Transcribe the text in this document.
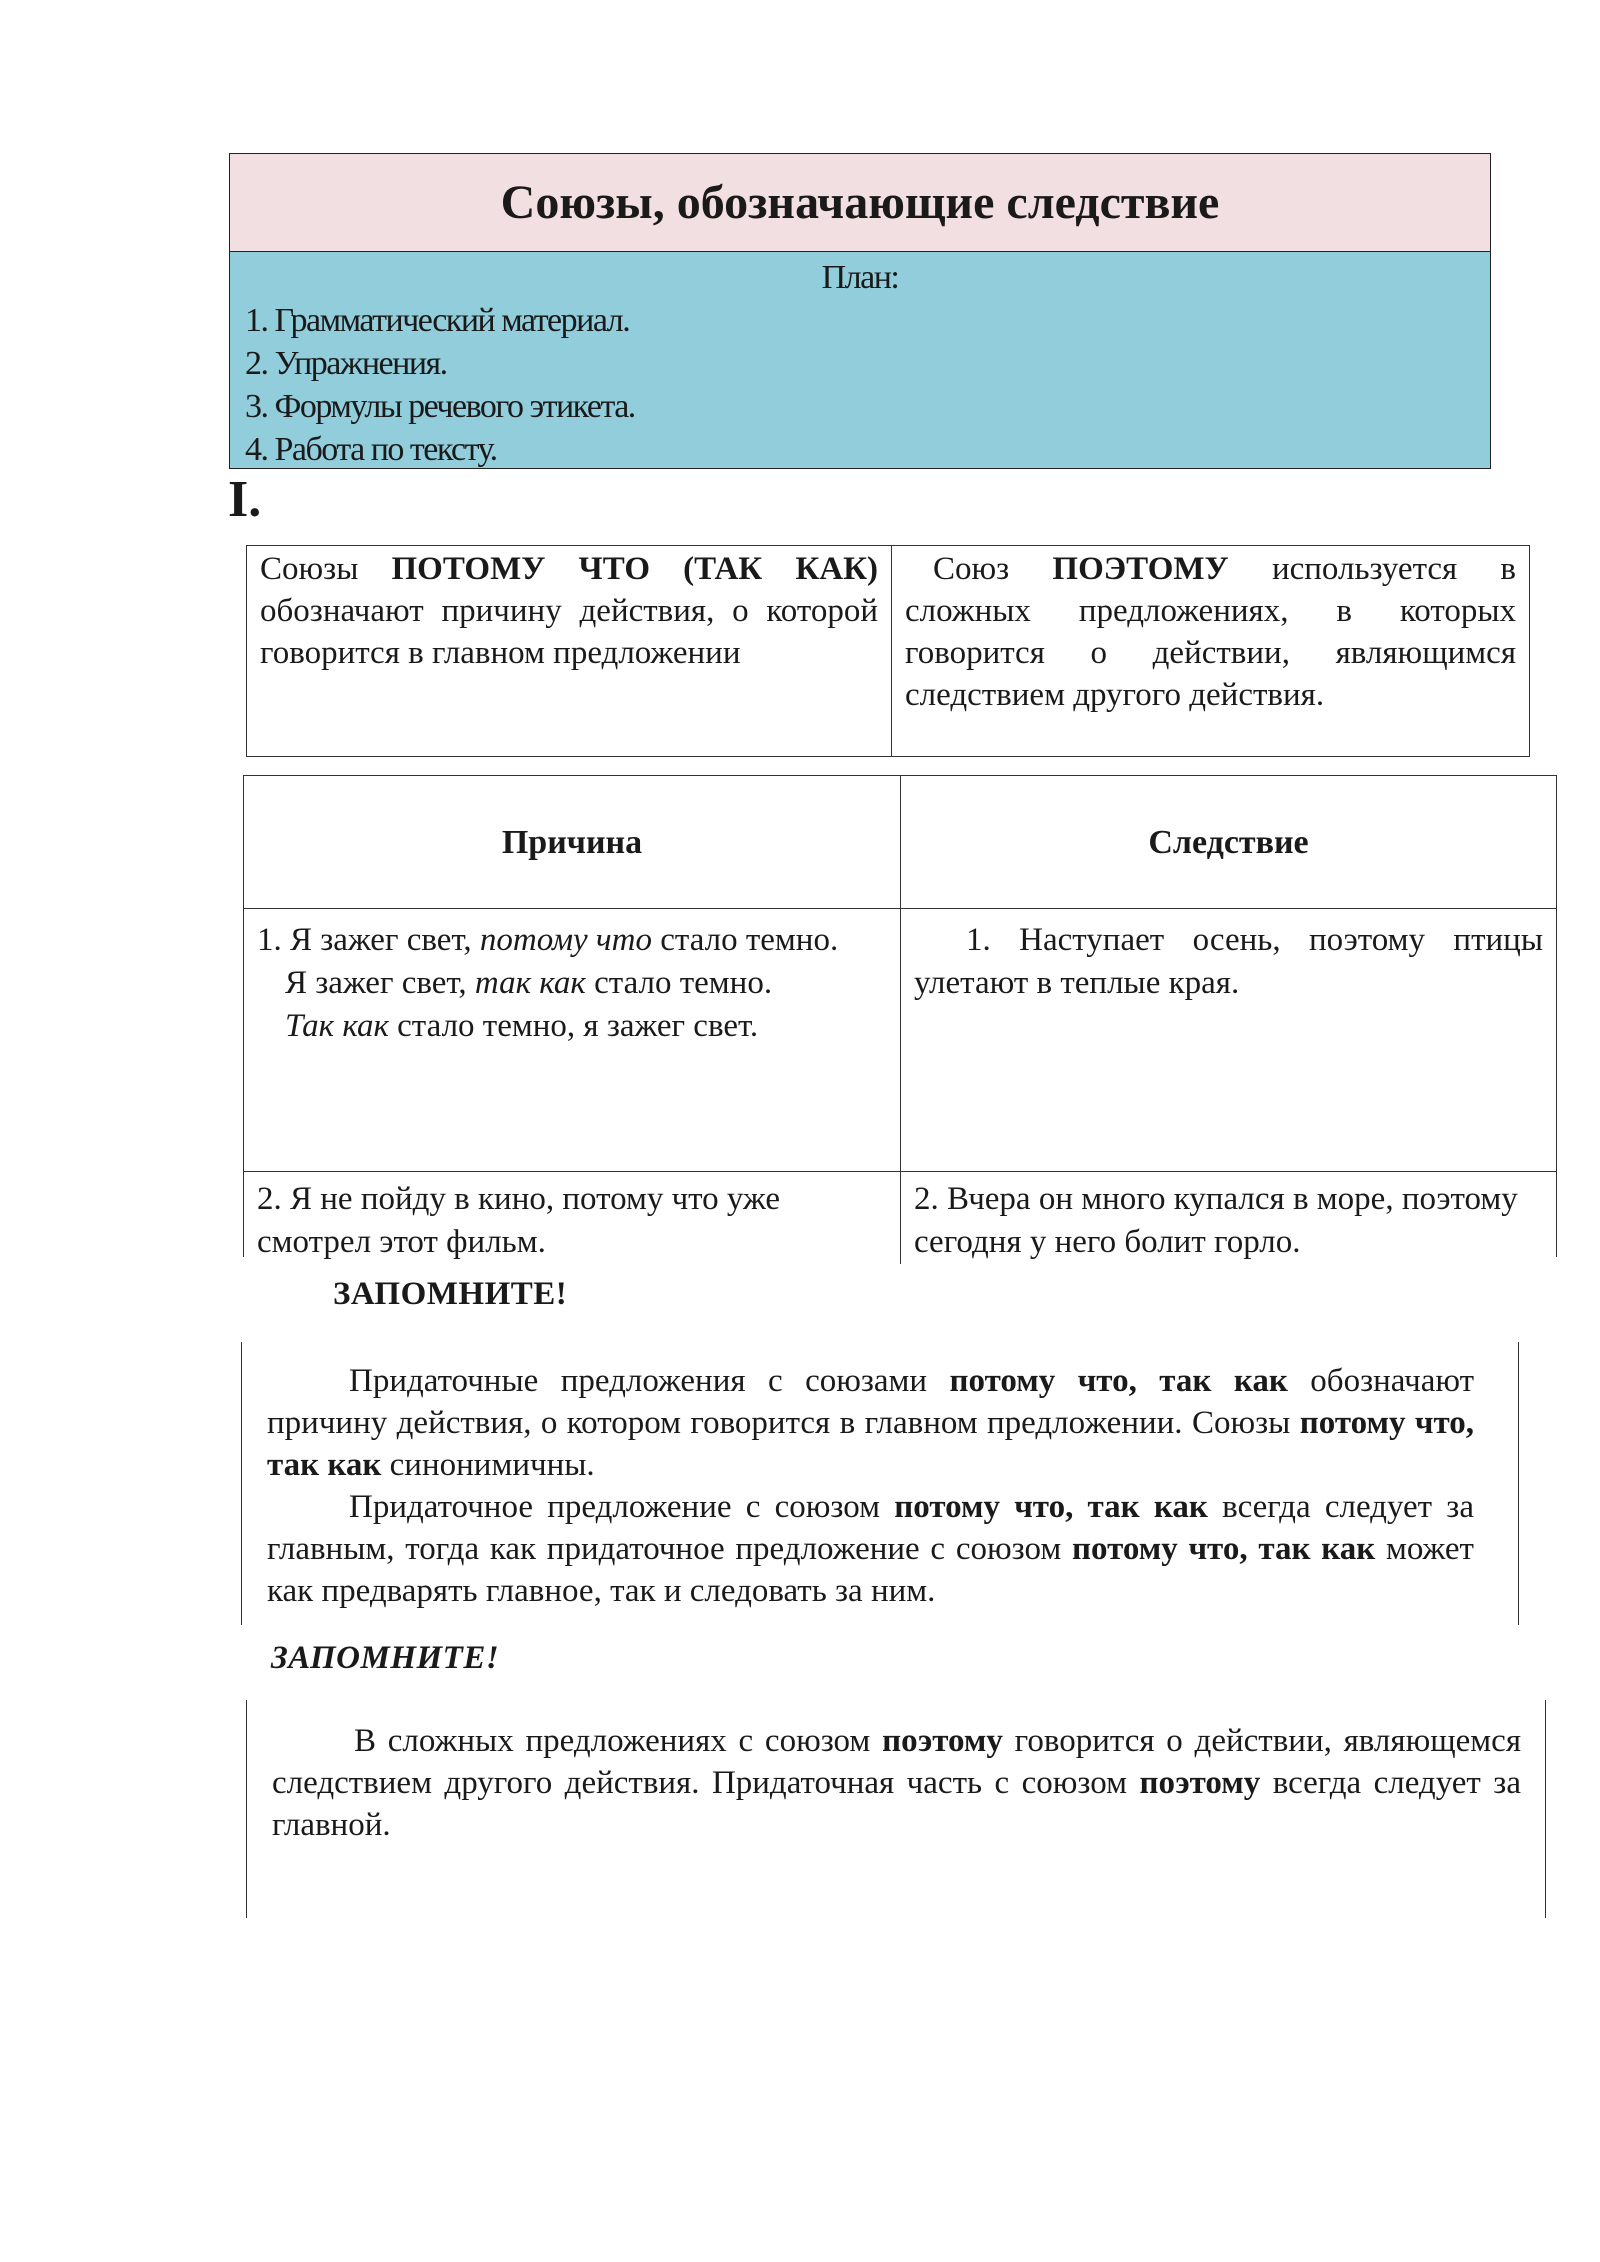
Союзы, обозначающие следствие
План:
1. Грамматический материал.
2. Упражнения.
3. Формулы речевого этикета.
4. Работа по тексту.
I.
Союзы ПОТОМУ ЧТО (ТАК КАК) обозначают причину действия, о которой говорится в главном предложении
Союз ПОЭТОМУ используется в сложных предложениях, в которых говорится о действии, являющимся следствием другого действия.
Причина	Следствие
1. Я зажег свет, потому что стало темно.
Я зажег свет, так как стало темно.
Так как стало темно, я зажег свет.
1. Наступает осень, поэтому птицы улетают в теплые края.
2. Я не пойду в кино, потому что уже смотрел этот фильм.
2. Вчера он много купался в море, поэтому сегодня у него болит горло.
ЗАПОМНИТЕ!

Придаточные предложения с союзами потому что, так как обозначают причину действия, о котором говорится в главном предложении. Союзы потому что, так как синонимичны.

Придаточное предложение с союзом потому что, так как всегда следует за главным, тогда как придаточное предложение с союзом потому что, так как может как предварять главное, так и следовать за ним.

ЗАПОМНИТЕ!

В сложных предложениях с союзом поэтому говорится о действии, являющемся следствием другого действия. Придаточная часть с союзом поэтому всегда следует за главной.
